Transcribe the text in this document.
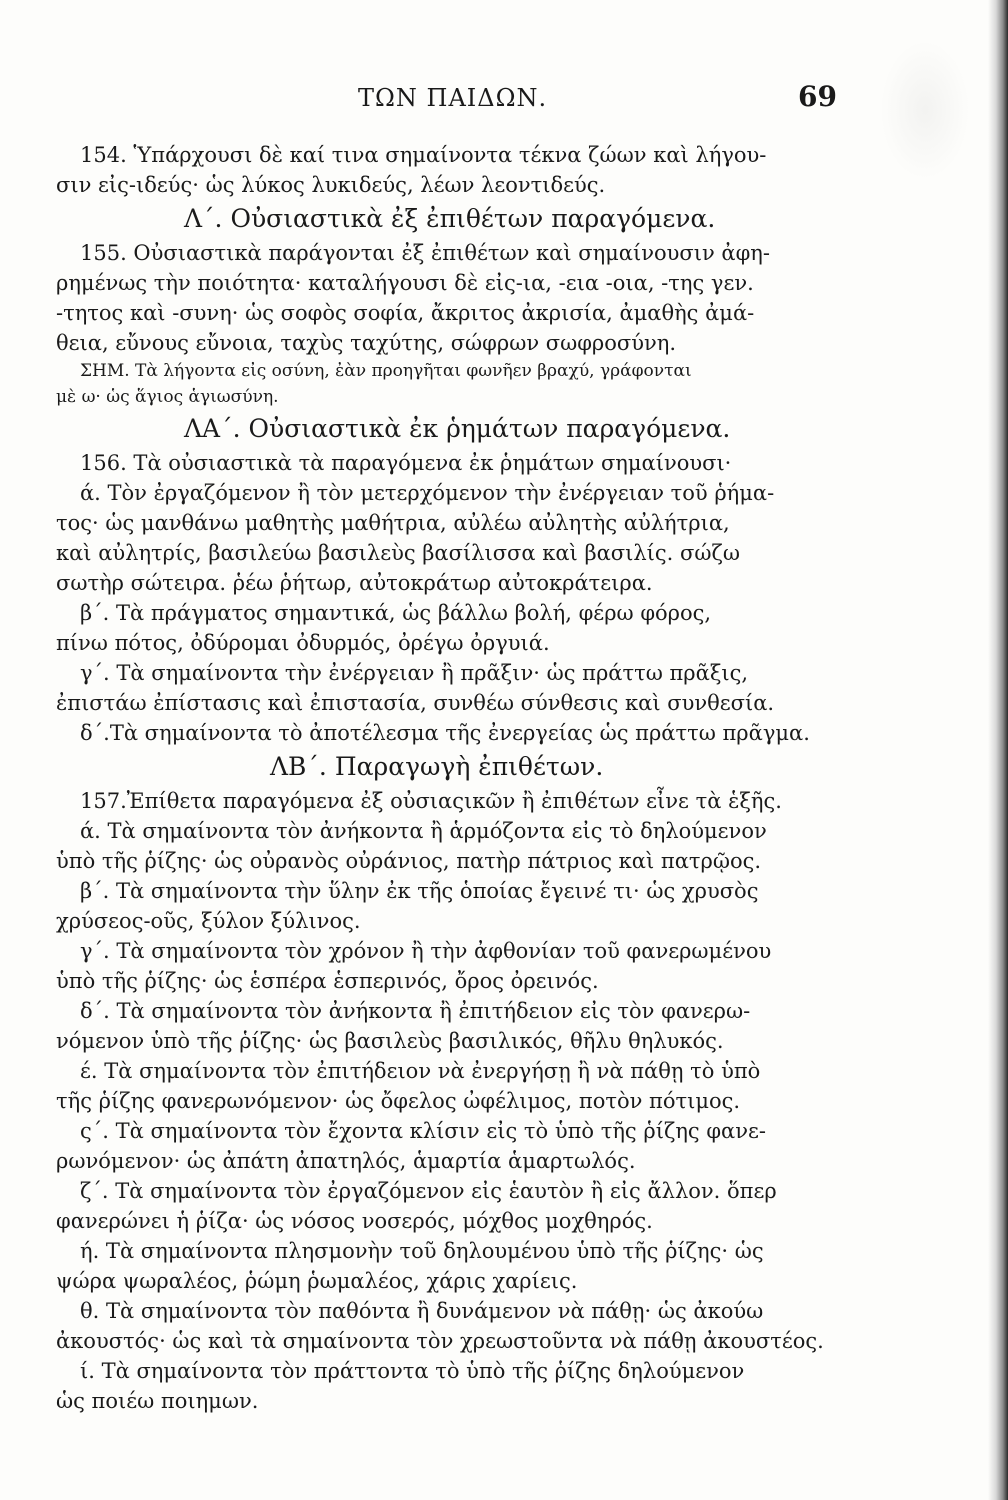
ΤΩΝ ΠΑΙΔΩΝ.	69
154. Ὑπάρχουσι δὲ καί τινα σημαίνοντα τέκνα ζώων καὶ λήγου-
σιν εἰς-ιδεύς· ὡς λύκος λυκιδεύς, λέων λεοντιδεύς.
Λ΄. Οὐσιαστικὰ ἐξ ἐπιθέτων παραγόμενα.
155. Οὐσιαστικὰ παράγονται ἐξ ἐπιθέτων καὶ σημαίνουσιν ἀφη-
ρημένως τὴν ποιότητα· καταλήγουσι δὲ εἰς-ια, -εια -οια, -της γεν.
-τητος καὶ -συνη· ὡς σοφὸς σοφία, ἄκριτος ἀκρισία, ἀμαθὴς ἀμά-
θεια, εὔνους εὔνοια, ταχὺς ταχύτης, σώφρων σωφροσύνη.
ΣΗΜ. Τὰ λήγοντα εἰς οσύνη, ἐὰν προηγῆται φωνῆεν βραχύ, γράφονται
μὲ ω· ὡς ἅγιος ἁγιωσύνη.
ΛΑ΄. Οὐσιαστικὰ ἐκ ῥημάτων παραγόμενα.
156. Τὰ οὐσιαστικὰ τὰ παραγόμενα ἐκ ῥημάτων σημαίνουσι·
ά. Τὸν ἐργαζόμενον ἢ τὸν μετερχόμενον τὴν ἐνέργειαν τοῦ ῥήμα-
τος· ὡς μανθάνω μαθητὴς μαθήτρια, αὐλέω αὐλητὴς αὐλήτρια,
καὶ αὐλητρίς, βασιλεύω βασιλεὺς βασίλισσα καὶ βασιλίς. σώζω
σωτὴρ σώτειρα. ῥέω ῥήτωρ, αὐτοκράτωρ αὐτοκράτειρα.
β΄. Τὰ πράγματος σημαντικά, ὡς βάλλω βολή, φέρω φόρος,
πίνω πότος, ὀδύρομαι ὀδυρμός, ὀρέγω ὀργυιά.
γ΄. Τὰ σημαίνοντα τὴν ἐνέργειαν ἢ πρᾶξιν· ὡς πράττω πρᾶξις,
ἐπιστάω ἐπίστασις καὶ ἐπιστασία, συνθέω σύνθεσις καὶ συνθεσία.
δ΄.Τὰ σημαίνοντα τὸ ἀποτέλεσμα τῆς ἐνεργείας ὡς πράττω πρᾶγμα.
ΛΒ΄. Παραγωγὴ ἐπιθέτων.
157.Ἐπίθετα παραγόμενα ἐξ οὐσιαςικῶν ἢ ἐπιθέτων εἶνε τὰ ἑξῆς.
ά. Τὰ σημαίνοντα τὸν ἀνήκοντα ἢ ἁρμόζοντα εἰς τὸ δηλούμενον
ὑπὸ τῆς ῥίζης· ὡς οὐρανὸς οὐράνιος, πατὴρ πάτριος καὶ πατρῷος.
β΄. Τὰ σημαίνοντα τὴν ὕλην ἐκ τῆς ὁποίας ἔγεινέ τι· ὡς χρυσὸς
χρύσεος-οῦς, ξύλον ξύλινος.
γ΄. Τὰ σημαίνοντα τὸν χρόνον ἢ τὴν ἀφθονίαν τοῦ φανερωμένου
ὑπὸ τῆς ῥίζης· ὡς ἑσπέρα ἑσπερινός, ὄρος ὀρεινός.
δ΄. Τὰ σημαίνοντα τὸν ἀνήκοντα ἢ ἐπιτήδειον εἰς τὸν φανερω-
νόμενον ὑπὸ τῆς ῥίζης· ὡς βασιλεὺς βασιλικός, θῆλυ θηλυκός.
έ. Τὰ σημαίνοντα τὸν ἐπιτήδειον νὰ ἐνεργήσῃ ἢ νὰ πάθῃ τὸ ὑπὸ
τῆς ῥίζης φανερωνόμενον· ὡς ὄφελος ὠφέλιμος, ποτὸν πότιμος.
ς΄. Τὰ σημαίνοντα τὸν ἔχοντα κλίσιν εἰς τὸ ὑπὸ τῆς ῥίζης φανε-
ρωνόμενον· ὡς ἀπάτη ἀπατηλός, ἁμαρτία ἁμαρτωλός.
ζ΄. Τὰ σημαίνοντα τὸν ἐργαζόμενον εἰς ἑαυτὸν ἢ εἰς ἄλλον. ὅπερ
φανερώνει ἡ ῥίζα· ὡς νόσος νοσερός, μόχθος μοχθηρός.
ή. Τὰ σημαίνοντα πλησμονὴν τοῦ δηλουμένου ὑπὸ τῆς ῥίζης· ὡς
ψώρα ψωραλέος, ῥώμη ῥωμαλέος, χάρις χαρίεις.
θ. Τὰ σημαίνοντα τὸν παθόντα ἢ δυνάμενον νὰ πάθῃ· ὡς ἀκούω
ἀκουστός· ὡς καὶ τὰ σημαίνοντα τὸν χρεωστοῦντα νὰ πάθῃ ἀκουστέος.
ί. Τὰ σημαίνοντα τὸν πράττοντα τὸ ὑπὸ τῆς ῥίζης δηλούμενον
ὡς ποιέω ποιημων.
